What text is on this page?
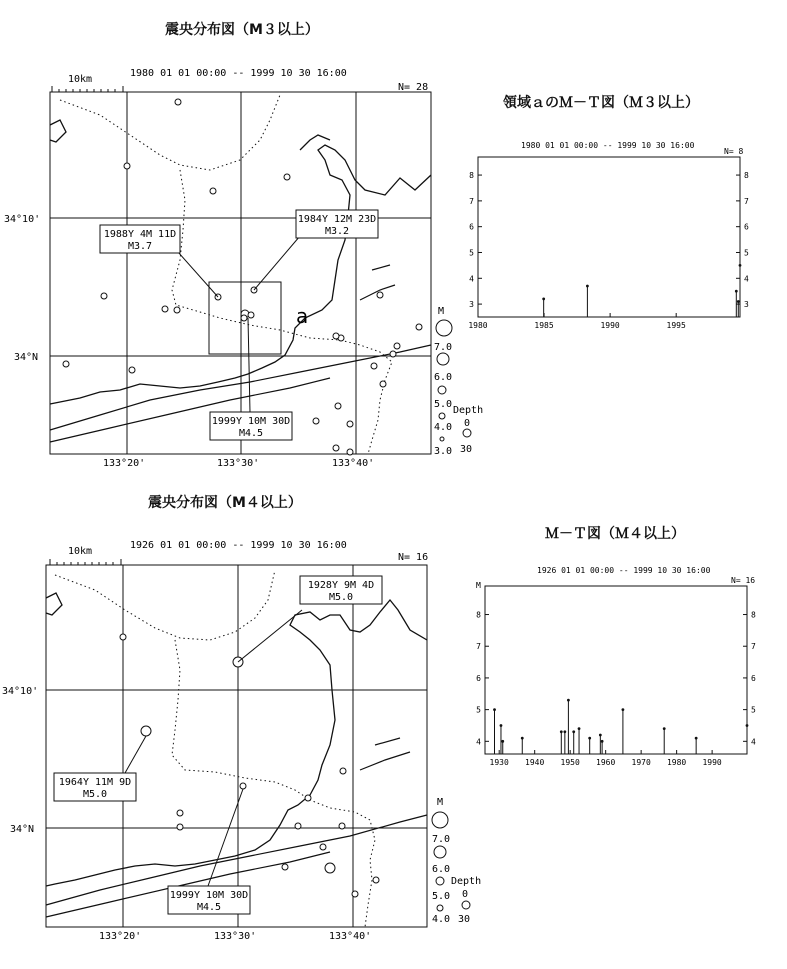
震央分布図（M３以上）
1980 01 01 00:00 -- 1999 10 30 16:00
N= 28
10km
34°10'
34°N
133°20'	133°30'	133°40'
a
1988Y 4M 11D
M3.7
1984Y 12M 23D
M3.2
1999Y 10M 30D
M4.5
M
7.0
6.0
5.0
4.0
3.0
Depth
0
30
領域ａのＭ－Ｔ図（Ｍ３以上）
1980 01 01 00:00 -- 1999 10 30 16:00
N= 8
1980	1985	1990	1995
3	3
4	4
5	5
6	6
7	7
8	8
震央分布図（M４以上）
1926 01 01 00:00 -- 1999 10 30 16:00
N= 16
10km
34°10'
34°N
133°20'	133°30'	133°40'
1928Y 9M 4D
M5.0
1964Y 11M 9D
M5.0
1999Y 10M 30D
M4.5
M
7.0
6.0
5.0
4.0
Depth
0
30
Ｍ－Ｔ図（Ｍ４以上）
1926 01 01 00:00 -- 1999 10 30 16:00
N= 16
M
1930 1940 1950 1960 1970 1980 1990
4	4
5	5
6	6
7	7
8	8
